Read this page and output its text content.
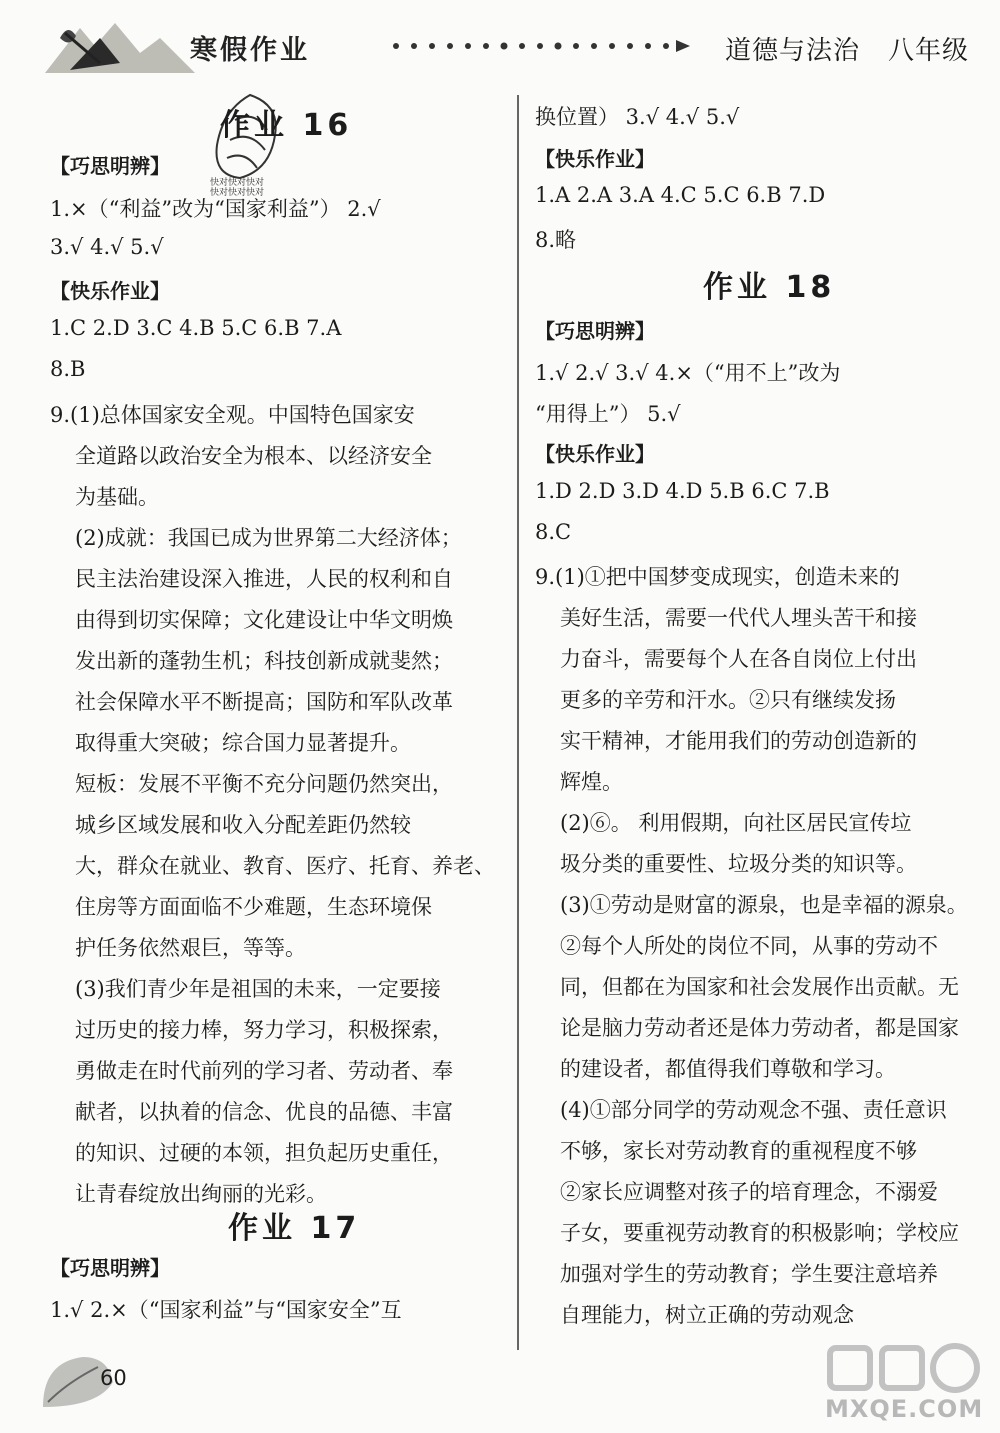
寒假作业	道德与法治 八年级
快对快对快对
快对快对快对
作业 16
【巧思明辨】
1.×（“利益”改为“国家利益”） 2.√
3.√ 4.√ 5.√
【快乐作业】
1.C 2.D 3.C 4.B 5.C 6.B 7.A
8.B
9.(1)总体国家安全观。中国特色国家安
全道路以政治安全为根本、以经济安全
为基础。
(2)成就：我国已成为世界第二大经济体；
民主法治建设深入推进，人民的权利和自
由得到切实保障；文化建设让中华文明焕
发出新的蓬勃生机；科技创新成就斐然；
社会保障水平不断提高；国防和军队改革
取得重大突破；综合国力显著提升。
短板：发展不平衡不充分问题仍然突出，
城乡区域发展和收入分配差距仍然较
大，群众在就业、教育、医疗、托育、养老、
住房等方面面临不少难题，生态环境保
护任务依然艰巨，等等。
(3)我们青少年是祖国的未来，一定要接
过历史的接力棒，努力学习，积极探索，
勇做走在时代前列的学习者、劳动者、奉
献者，以执着的信念、优良的品德、丰富
的知识、过硬的本领，担负起历史重任，
让青春绽放出绚丽的光彩。
作业 17
【巧思明辨】
1.√ 2.×（“国家利益”与“国家安全”互
换位置） 3.√ 4.√ 5.√
【快乐作业】
1.A 2.A 3.A 4.C 5.C 6.B 7.D
8.略
作业 18
【巧思明辨】
1.√ 2.√ 3.√ 4.×（“用不上”改为
“用得上”） 5.√
【快乐作业】
1.D 2.D 3.D 4.D 5.B 6.C 7.B
8.C
9.(1)①把中国梦变成现实，创造未来的
美好生活，需要一代代人埋头苦干和接
力奋斗，需要每个人在各自岗位上付出
更多的辛劳和汗水。②只有继续发扬
实干精神，才能用我们的劳动创造新的
辉煌。
(2)⑥。 利用假期，向社区居民宣传垃
圾分类的重要性、垃圾分类的知识等。
(3)①劳动是财富的源泉，也是幸福的源泉。
②每个人所处的岗位不同，从事的劳动不
同，但都在为国家和社会发展作出贡献。无
论是脑力劳动者还是体力劳动者，都是国家
的建设者，都值得我们尊敬和学习。
(4)①部分同学的劳动观念不强、责任意识
不够，家长对劳动教育的重视程度不够
②家长应调整对孩子的培育理念，不溺爱
子女，要重视劳动教育的积极影响；学校应
加强对学生的劳动教育；学生要注意培养
自理能力，树立正确的劳动观念
60
MXQE.COM
